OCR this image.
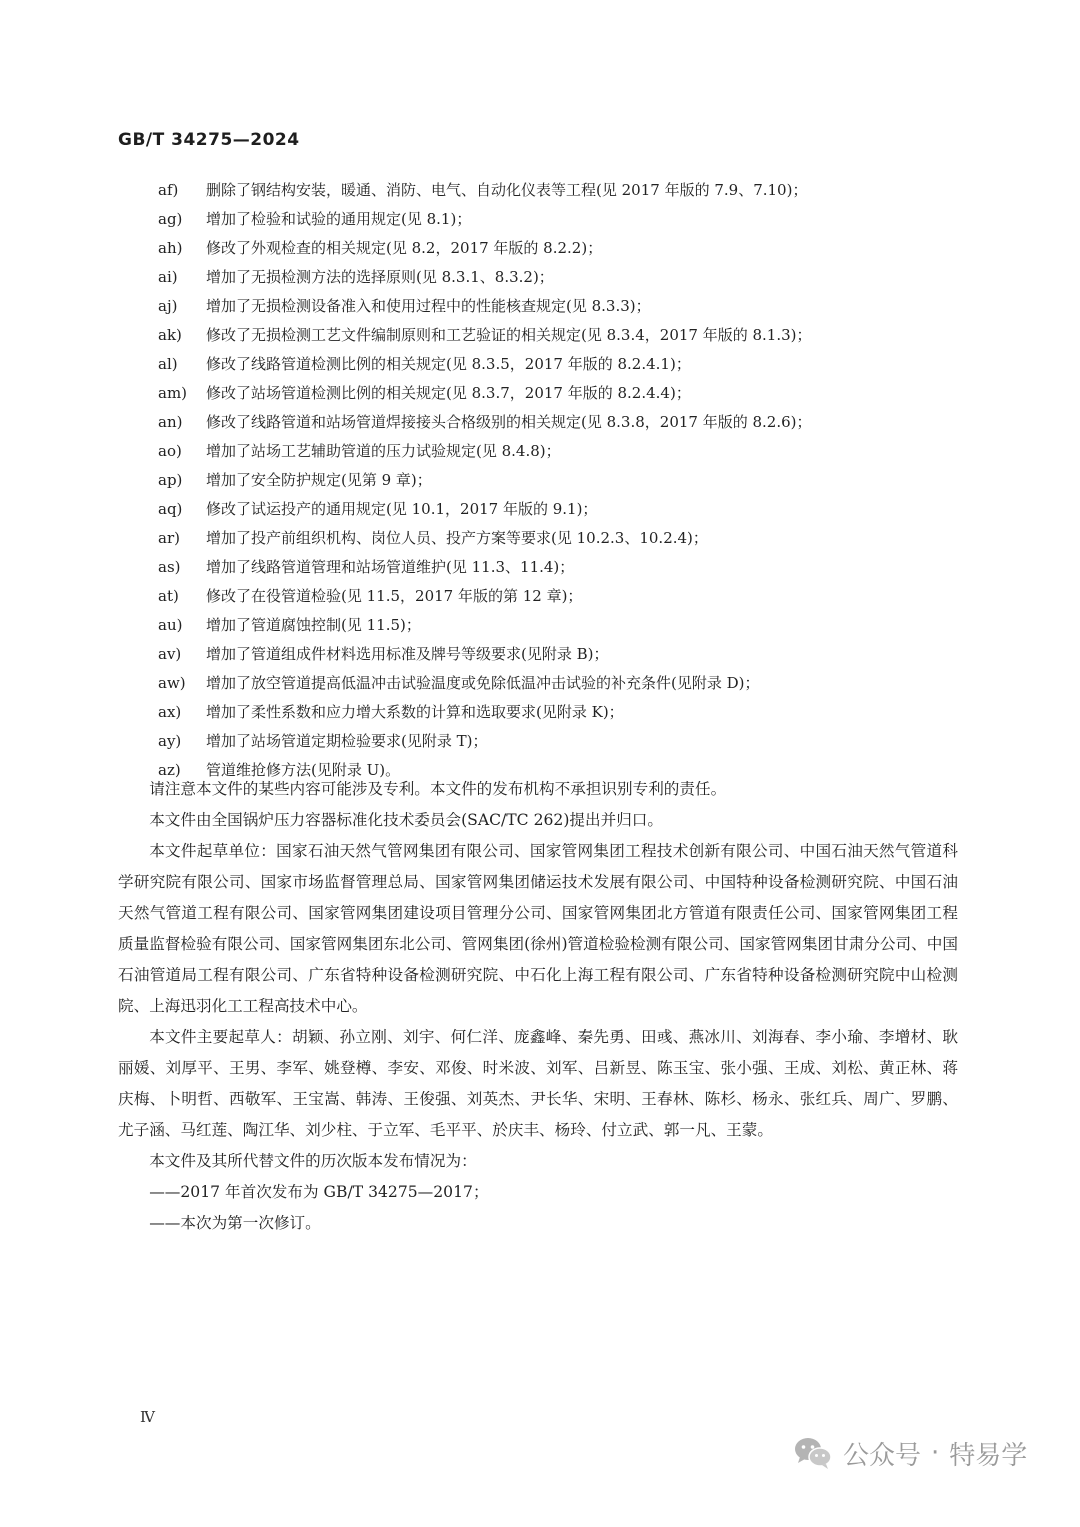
GB/T 34275—2024
af)	删除了钢结构安装，暖通、消防、电气、自动化仪表等工程(见 2017 年版的 7.9、7.10)；
ag)	增加了检验和试验的通用规定(见 8.1)；
ah)	修改了外观检查的相关规定(见 8.2，2017 年版的 8.2.2)；
ai)	增加了无损检测方法的选择原则(见 8.3.1、8.3.2)；
aj)	增加了无损检测设备准入和使用过程中的性能核查规定(见 8.3.3)；
ak)	修改了无损检测工艺文件编制原则和工艺验证的相关规定(见 8.3.4，2017 年版的 8.1.3)；
al)	修改了线路管道检测比例的相关规定(见 8.3.5，2017 年版的 8.2.4.1)；
am)	修改了站场管道检测比例的相关规定(见 8.3.7，2017 年版的 8.2.4.4)；
an)	修改了线路管道和站场管道焊接接头合格级别的相关规定(见 8.3.8，2017 年版的 8.2.6)；
ao)	增加了站场工艺辅助管道的压力试验规定(见 8.4.8)；
ap)	增加了安全防护规定(见第 9 章)；
aq)	修改了试运投产的通用规定(见 10.1，2017 年版的 9.1)；
ar)	增加了投产前组织机构、岗位人员、投产方案等要求(见 10.2.3、10.2.4)；
as)	增加了线路管道管理和站场管道维护(见 11.3、11.4)；
at)	修改了在役管道检验(见 11.5，2017 年版的第 12 章)；
au)	增加了管道腐蚀控制(见 11.5)；
av)	增加了管道组成件材料选用标准及牌号等级要求(见附录 B)；
aw)	增加了放空管道提高低温冲击试验温度或免除低温冲击试验的补充条件(见附录 D)；
ax)	增加了柔性系数和应力增大系数的计算和选取要求(见附录 K)；
ay)	增加了站场管道定期检验要求(见附录 T)；
az)	管道维抢修方法(见附录 U)。

请注意本文件的某些内容可能涉及专利。本文件的发布机构不承担识别专利的责任。

本文件由全国锅炉压力容器标准化技术委员会(SAC/TC 262)提出并归口。

本文件起草单位：国家石油天然气管网集团有限公司、国家管网集团工程技术创新有限公司、中国石油天然气管道科学研究院有限公司、国家市场监督管理总局、国家管网集团储运技术发展有限公司、中国特种设备检测研究院、中国石油天然气管道工程有限公司、国家管网集团建设项目管理分公司、国家管网集团北方管道有限责任公司、国家管网集团工程质量监督检验有限公司、国家管网集团东北公司、管网集团(徐州)管道检验检测有限公司、国家管网集团甘肃分公司、中国石油管道局工程有限公司、广东省特种设备检测研究院、中石化上海工程有限公司、广东省特种设备检测研究院中山检测院、上海迅羽化工工程高技术中心。

本文件主要起草人：胡颖、孙立刚、刘宇、何仁洋、庞鑫峰、秦先勇、田彧、燕冰川、刘海春、李小瑜、李增材、耿丽媛、刘厚平、王男、李军、姚登樽、李安、邓俊、时米波、刘军、吕新昱、陈玉宝、张小强、王成、刘松、黄正林、蒋庆梅、卜明哲、西敬军、王宝嵩、韩涛、王俊强、刘英杰、尹长华、宋明、王春林、陈杉、杨永、张红兵、周广、罗鹏、尤子涵、马红莲、陶江华、刘少柱、于立军、毛平平、於庆丰、杨玲、付立武、郭一凡、王蒙。

本文件及其所代替文件的历次版本发布情况为：

——2017 年首次发布为 GB/T 34275—2017；

——本次为第一次修订。

Ⅳ
公众号 · 特易学
